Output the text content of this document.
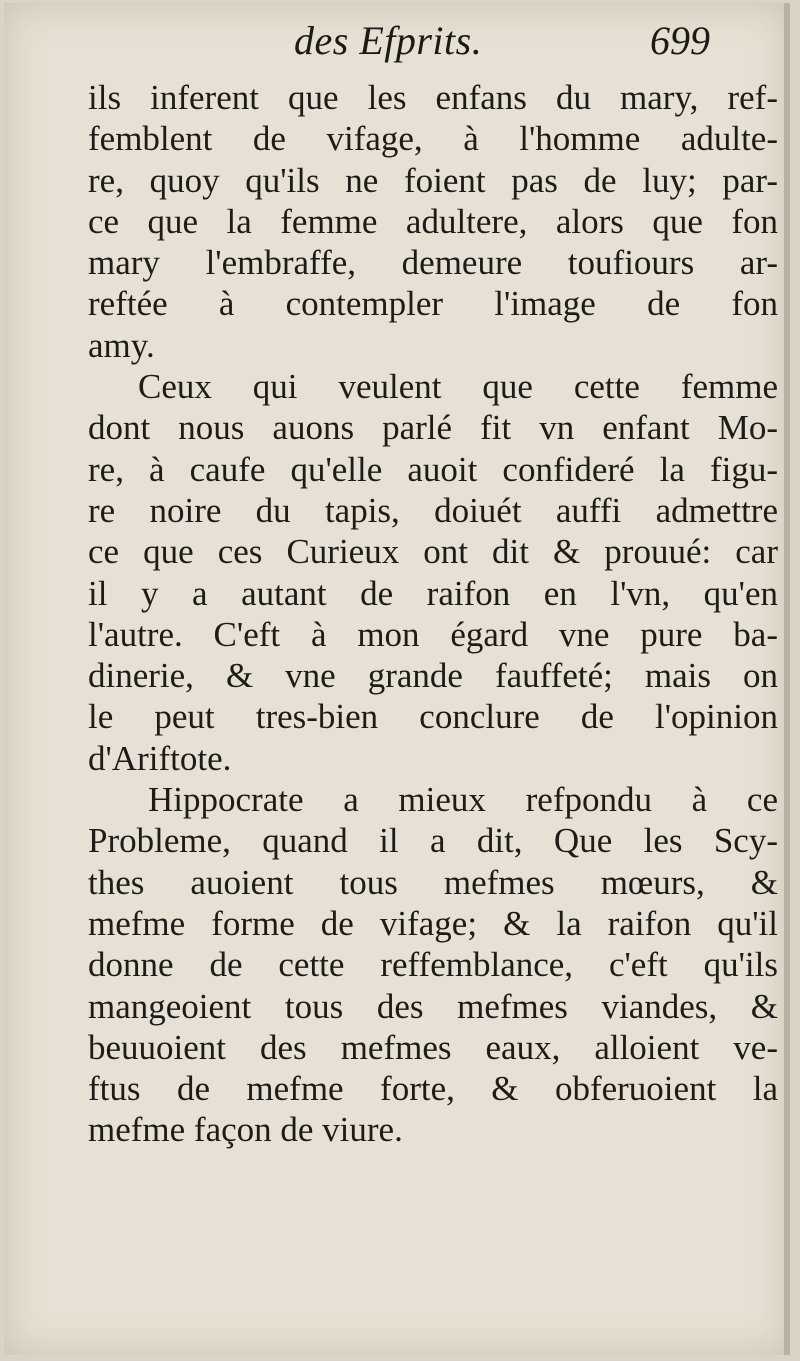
des Efprits.	699
ils inferent que les enfans du mary, ref-
femblent de vifage, à l'homme adulte-
re, quoy qu'ils ne foient pas de luy; par-
ce que la femme adultere, alors que fon
mary l'embraffe, demeure toufiours ar-
reftée à contempler l'image de fon
amy.
Ceux qui veulent que cette femme
dont nous auons parlé fit vn enfant Mo-
re, à caufe qu'elle auoit confideré la figu-
re noire du tapis, doiuét auffi admettre
ce que ces Curieux ont dit & prouué: car
il y a autant de raifon en l'vn, qu'en
l'autre. C'eft à mon égard vne pure ba-
dinerie, & vne grande fauffeté; mais on
le peut tres-bien conclure de l'opinion
d'Ariftote.
Hippocrate a mieux refpondu à ce
Probleme, quand il a dit, Que les Scy-
thes auoient tous mefmes mœurs, &
mefme forme de vifage; & la raifon qu'il
donne de cette reffemblance, c'eft qu'ils
mangeoient tous des mefmes viandes, &
beuuoient des mefmes eaux, alloient ve-
ftus de mefme forte, & obferuoient la
mefme façon de viure.
